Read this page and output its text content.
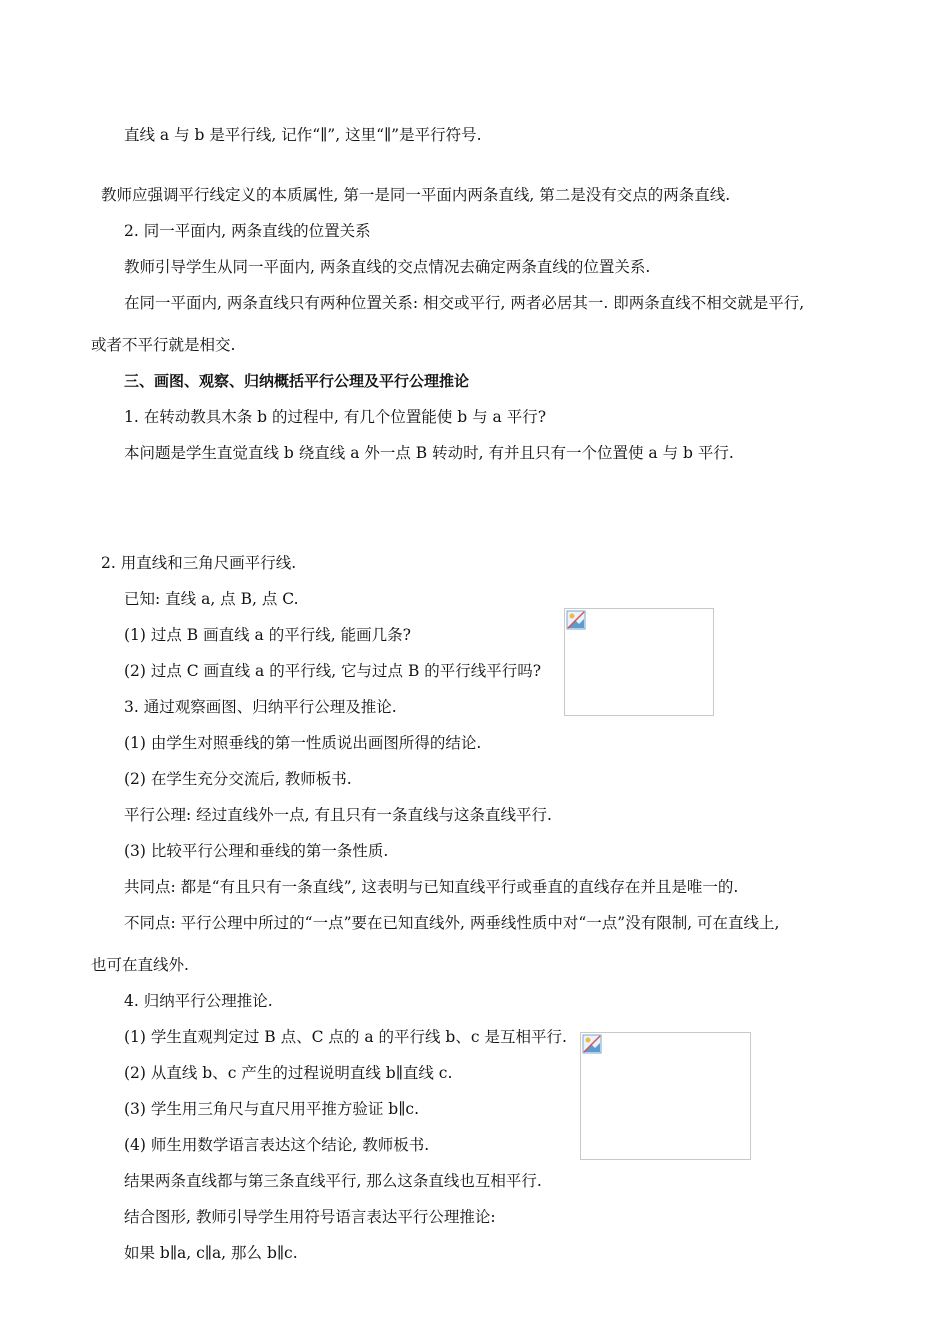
直线 a 与 b 是平行线, 记作“∥”, 这里“∥”是平行符号.
教师应强调平行线定义的本质属性, 第一是同一平面内两条直线, 第二是没有交点的两条直线.
2. 同一平面内, 两条直线的位置关系
教师引导学生从同一平面内, 两条直线的交点情况去确定两条直线的位置关系.
在同一平面内, 两条直线只有两种位置关系: 相交或平行, 两者必居其一. 即两条直线不相交就是平行,
或者不平行就是相交.
三、画图、观察、归纳概括平行公理及平行公理推论
1. 在转动教具木条 b 的过程中, 有几个位置能使 b 与 a 平行?
本问题是学生直觉直线 b 绕直线 a 外一点 B 转动时, 有并且只有一个位置使 a 与 b 平行.
2. 用直线和三角尺画平行线.
已知: 直线 a, 点 B, 点 C.
(1) 过点 B 画直线 a 的平行线, 能画几条?
(2) 过点 C 画直线 a 的平行线, 它与过点 B 的平行线平行吗?
3. 通过观察画图、归纳平行公理及推论.
(1) 由学生对照垂线的第一性质说出画图所得的结论.
(2) 在学生充分交流后, 教师板书.
平行公理: 经过直线外一点, 有且只有一条直线与这条直线平行.
(3) 比较平行公理和垂线的第一条性质.
共同点: 都是“有且只有一条直线”, 这表明与已知直线平行或垂直的直线存在并且是唯一的.
不同点: 平行公理中所过的“一点”要在已知直线外, 两垂线性质中对“一点”没有限制, 可在直线上,
也可在直线外.
4. 归纳平行公理推论.
(1) 学生直观判定过 B 点、C 点的 a 的平行线 b、c 是互相平行.
(2) 从直线 b、c 产生的过程说明直线 b∥直线 c.
(3) 学生用三角尺与直尺用平推方验证 b∥c.
(4) 师生用数学语言表达这个结论, 教师板书.
结果两条直线都与第三条直线平行, 那么这条直线也互相平行.
结合图形, 教师引导学生用符号语言表达平行公理推论:
如果 b∥a, c∥a, 那么 b∥c.
